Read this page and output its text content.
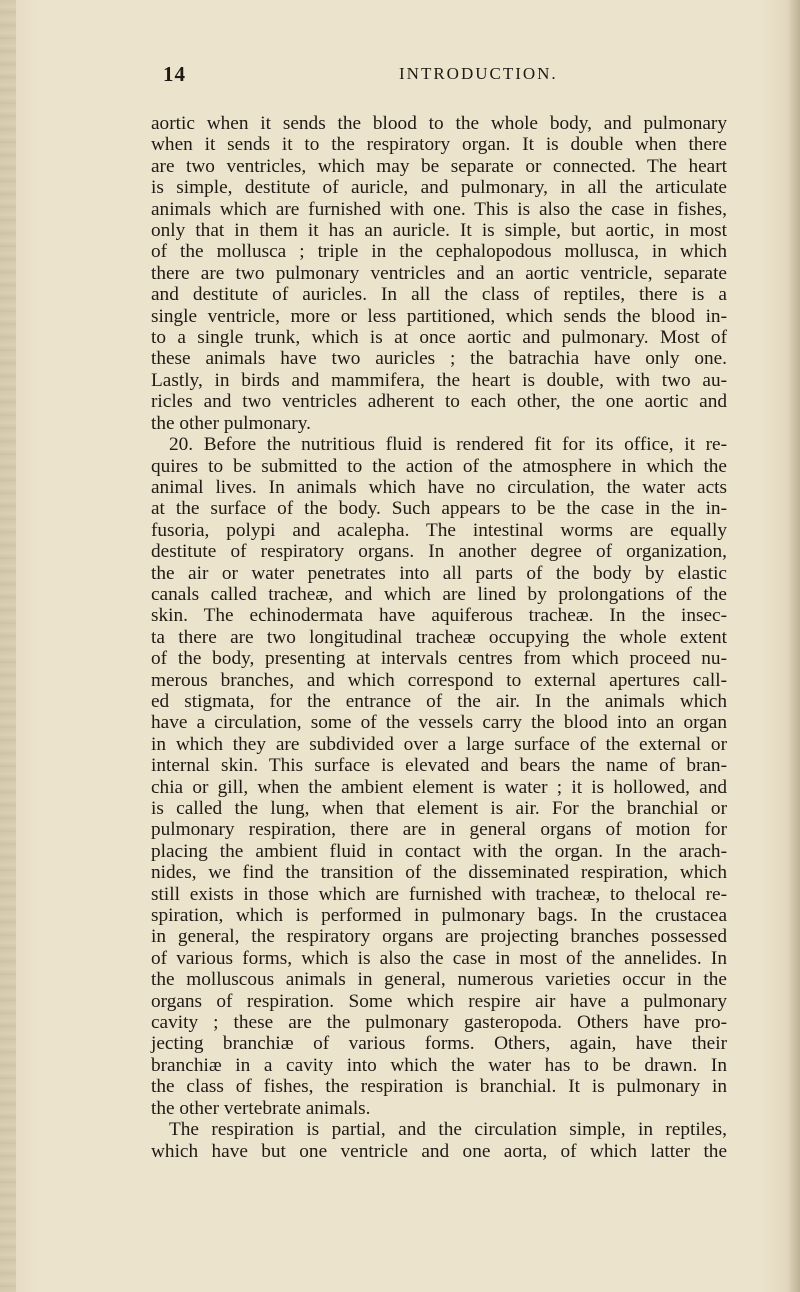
14	INTRODUCTION.
aortic when it sends the blood to the whole body, and pulmonary
when it sends it to the respiratory organ. It is double when there
are two ventricles, which may be separate or connected. The heart
is simple, destitute of auricle, and pulmonary, in all the articulate
animals which are furnished with one. This is also the case in fishes,
only that in them it has an auricle. It is simple, but aortic, in most
of the mollusca ; triple in the cephalopodous mollusca, in which
there are two pulmonary ventricles and an aortic ventricle, separate
and destitute of auricles. In all the class of reptiles, there is a
single ventricle, more or less partitioned, which sends the blood in-
to a single trunk, which is at once aortic and pulmonary. Most of
these animals have two auricles ; the batrachia have only one.
Lastly, in birds and mammifera, the heart is double, with two au-
ricles and two ventricles adherent to each other, the one aortic and
the other pulmonary.
20. Before the nutritious fluid is rendered fit for its office, it re-
quires to be submitted to the action of the atmosphere in which the
animal lives. In animals which have no circulation, the water acts
at the surface of the body. Such appears to be the case in the in-
fusoria, polypi and acalepha. The intestinal worms are equally
destitute of respiratory organs. In another degree of organization,
the air or water penetrates into all parts of the body by elastic
canals called tracheæ, and which are lined by prolongations of the
skin. The echinodermata have aquiferous tracheæ. In the insec-
ta there are two longitudinal tracheæ occupying the whole extent
of the body, presenting at intervals centres from which proceed nu-
merous branches, and which correspond to external apertures call-
ed stigmata, for the entrance of the air. In the animals which
have a circulation, some of the vessels carry the blood into an organ
in which they are subdivided over a large surface of the external or
internal skin. This surface is elevated and bears the name of bran-
chia or gill, when the ambient element is water ; it is hollowed, and
is called the lung, when that element is air. For the branchial or
pulmonary respiration, there are in general organs of motion for
placing the ambient fluid in contact with the organ. In the arach-
nides, we find the transition of the disseminated respiration, which
still exists in those which are furnished with tracheæ, to thelocal re-
spiration, which is performed in pulmonary bags. In the crustacea
in general, the respiratory organs are projecting branches possessed
of various forms, which is also the case in most of the annelides. In
the molluscous animals in general, numerous varieties occur in the
organs of respiration. Some which respire air have a pulmonary
cavity ; these are the pulmonary gasteropoda. Others have pro-
jecting branchiæ of various forms. Others, again, have their
branchiæ in a cavity into which the water has to be drawn. In
the class of fishes, the respiration is branchial. It is pulmonary in
the other vertebrate animals.
The respiration is partial, and the circulation simple, in reptiles,
which have but one ventricle and one aorta, of which latter the
